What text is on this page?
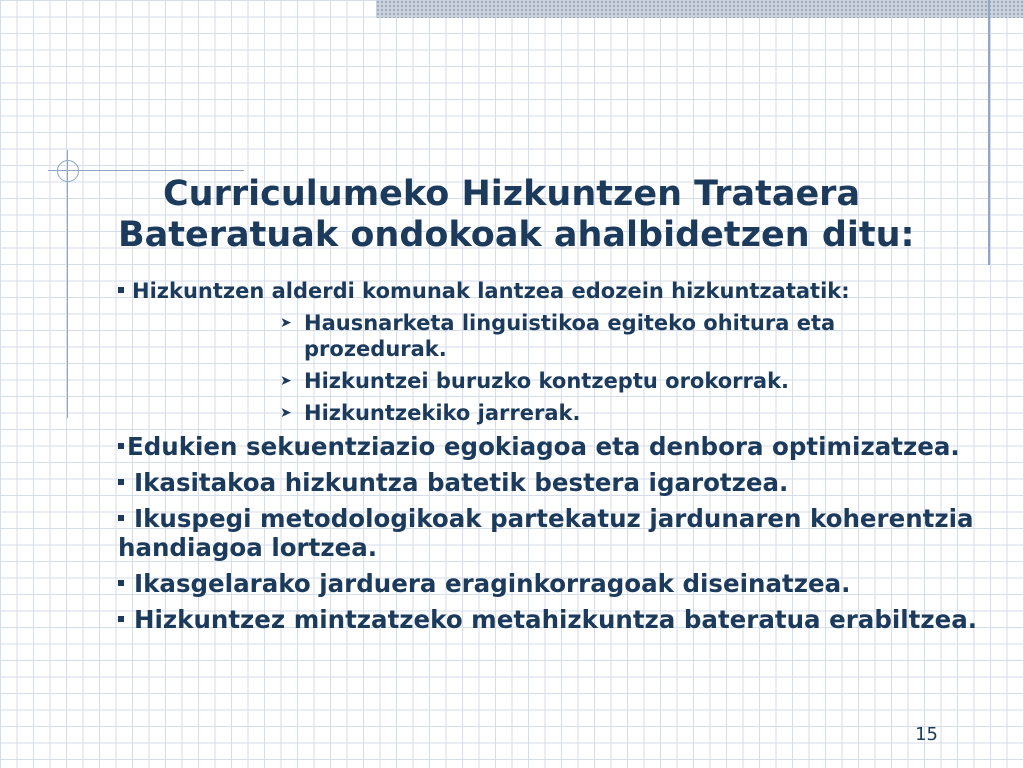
Curriculumeko Hizkuntzen Trataera
Bateratuak ondokoak ahalbidetzen ditu:

Hizkuntzen alderdi komunak lantzea edozein hizkuntzatatik:

➤ Hausnarketa linguistikoa egiteko ohitura eta prozedurak.
➤ Hizkuntzei buruzko kontzeptu orokorrak.
➤ Hizkuntzekiko jarrerak.

Edukien sekuentziazio egokiagoa eta denbora optimizatzea.

Ikasitakoa hizkuntza batetik bestera igarotzea.

Ikuspegi metodologikoak partekatuz jardunaren koherentzia handiagoa lortzea.

Ikasgelarako jarduera eraginkorragoak diseinatzea.

Hizkuntzez mintzatzeko metahizkuntza bateratua erabiltzea.

15
